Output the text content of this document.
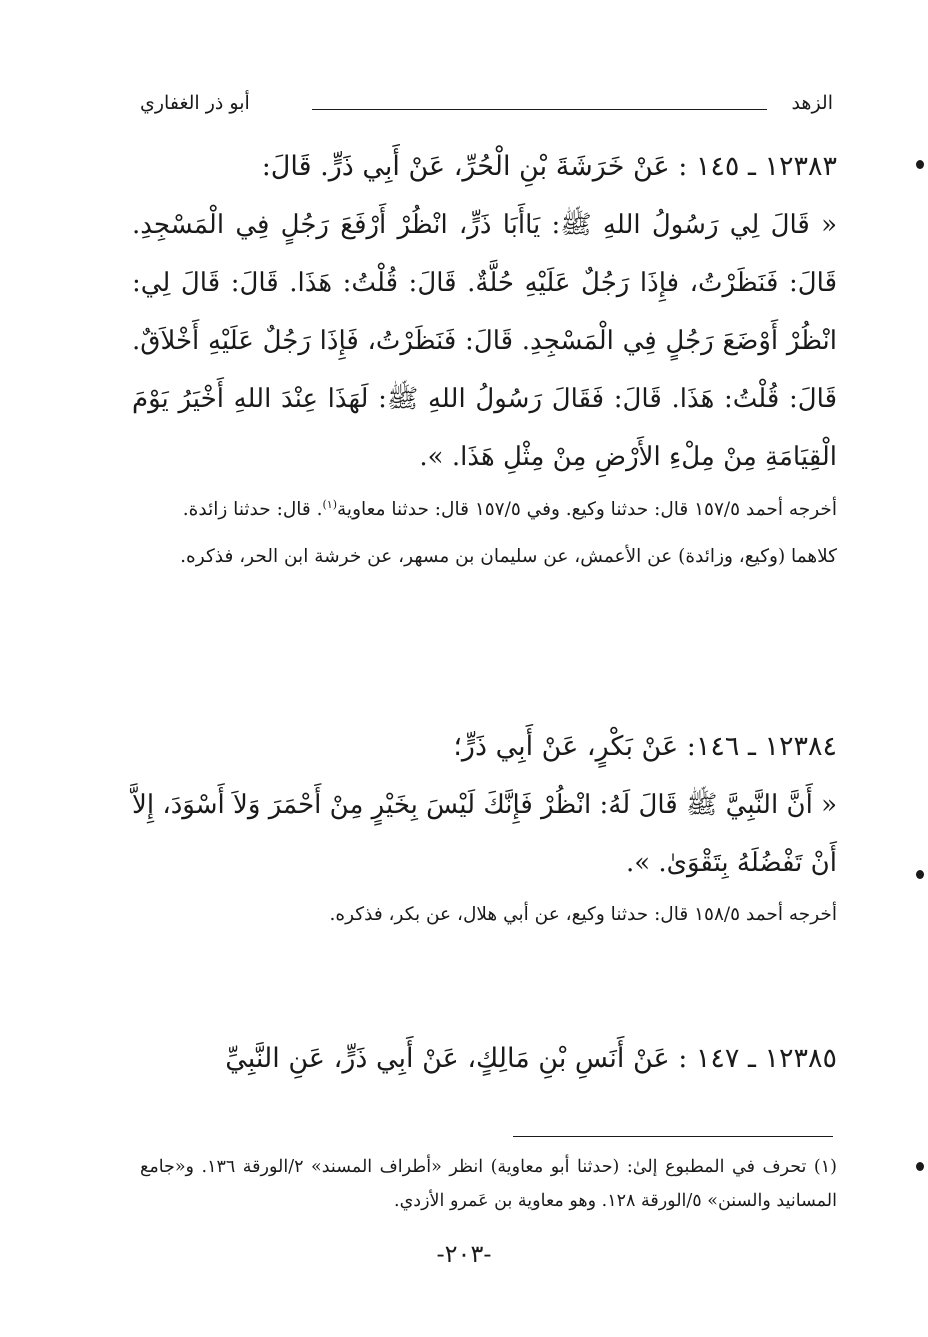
الزهد
أبو ذر الغفاري
١٢٣٨٣ ـ ١٤٥ : عَنْ خَرَشَةَ بْنِ الْحُرِّ، عَنْ أَبِي ذَرٍّ. قَالَ:
« قَالَ لِي رَسُولُ اللهِ ﷺ: يَاأَبَا ذَرٍّ، انْظُرْ أَرْفَعَ رَجُلٍ فِي الْمَسْجِدِ. قَالَ: فَنَظَرْتُ، فإِذَا رَجُلٌ عَلَيْهِ حُلَّةٌ. قَالَ: قُلْتُ: هَذَا. قَالَ: قَالَ لِي: انْظُرْ أَوْضَعَ رَجُلٍ فِي الْمَسْجِدِ. قَالَ: فَنَظَرْتُ، فَإِذَا رَجُلٌ عَلَيْهِ أَخْلاَقٌ. قَالَ: قُلْتُ: هَذَا. قَالَ: فَقَالَ رَسُولُ اللهِ ﷺ: لَهَذَا عِنْدَ اللهِ أَخْيَرُ يَوْمَ الْقِيَامَةِ مِنْ مِلْءِ الأَرْضِ مِنْ مِثْلِ هَذَا. ».

أخرجه أحمد ١٥٧/٥ قال: حدثنا وكيع. وفي ١٥٧/٥ قال: حدثنا معاوية$^{(١)}$. قال: حدثنا زائدة.

كلاهما (وكيع، وزائدة) عن الأعمش، عن سليمان بن مسهر، عن خرشة ابن الحر، فذكره.

١٢٣٨٤ ـ ١٤٦: عَنْ بَكْرٍ، عَنْ أَبِي ذَرٍّ؛
« أَنَّ النَّبِيَّ ﷺ قَالَ لَهُ: انْظُرْ فَإِنَّكَ لَيْسَ بِخَيْرٍ مِنْ أَحْمَرَ وَلاَ أَسْوَدَ، إِلاَّ أَنْ تَفْضُلَهُ بِتَقْوَىٰ. ».

أخرجه أحمد ١٥٨/٥ قال: حدثنا وكيع، عن أبي هلال، عن بكر، فذكره.

١٢٣٨٥ ـ ١٤٧ : عَنْ أَنَسِ بْنِ مَالِكٍ، عَنْ أَبِي ذَرٍّ، عَنِ النَّبِيِّ
(١) تحرف في المطبوع إلىٰ: (حدثنا أبو معاوية) انظر «أطراف المسند» ٢/الورقة ١٣٦. و«جامع المسانيد والسنن» ٥/الورقة ١٢٨. وهو معاوية بن عَمرو الأزدي.
-٢٠٣-
